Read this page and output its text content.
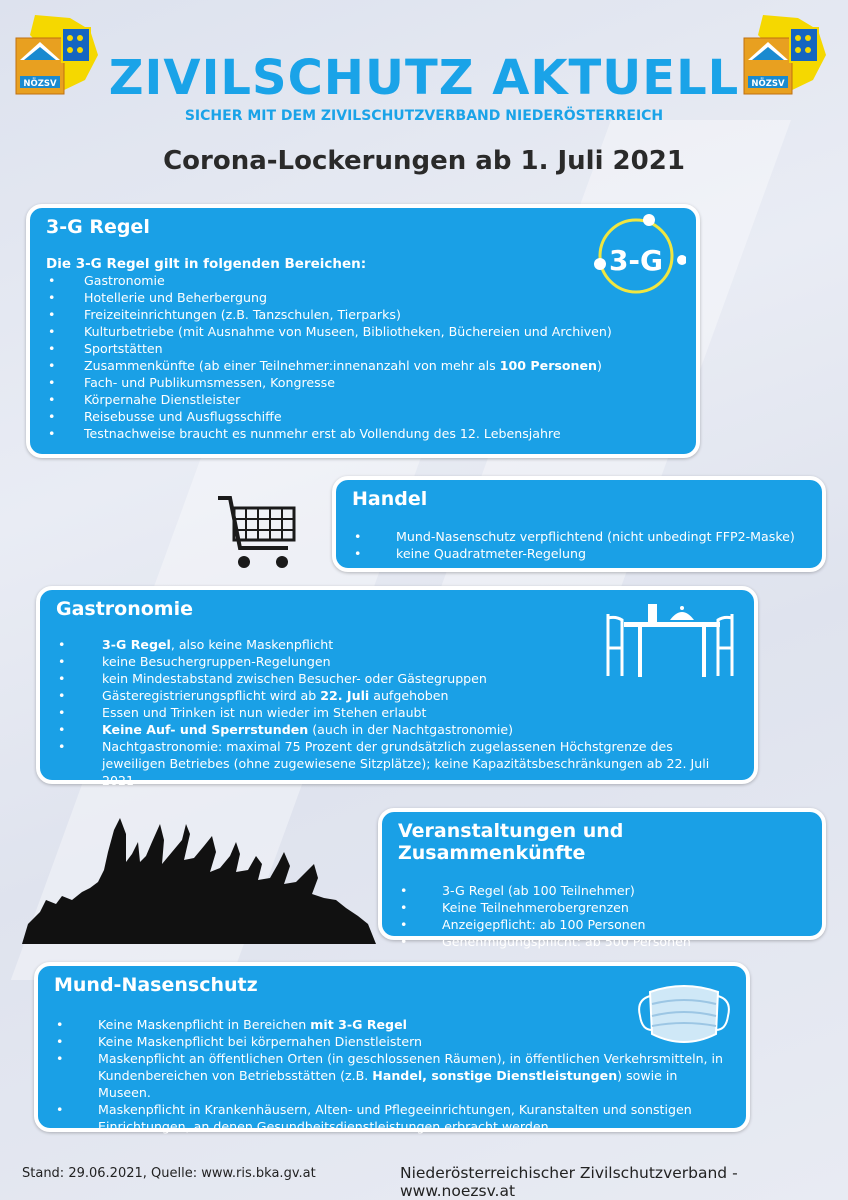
NÖZSV	NÖZSV
ZIVILSCHUTZ AKTUELL
SICHER MIT DEM ZIVILSCHUTZVERBAND NIEDERÖSTERREICH
Corona-Lockerungen ab 1. Juli 2021
3-G Regel
Die 3-G Regel gilt in folgenden Bereichen:
• Gastronomie
• Hotellerie und Beherbergung
• Freizeiteinrichtungen (z.B. Tanzschulen, Tierparks)
• Kulturbetriebe (mit Ausnahme von Museen, Bibliotheken, Büchereien und Archiven)
• Sportstätten
• Zusammenkünfte (ab einer Teilnehmer:innenanzahl von mehr als 100 Personen)
• Fach- und Publikumsmessen, Kongresse
• Körpernahe Dienstleister
• Reisebusse und Ausflugsschiffe
• Testnachweise braucht es nunmehr erst ab Vollendung des 12. Lebensjahre
3-G
Handel
• Mund-Nasenschutz verpflichtend (nicht unbedingt FFP2-Maske)
• keine Quadratmeter-Regelung
Gastronomie
• 3-G Regel, also keine Maskenpflicht
• keine Besuchergruppen-Regelungen
• kein Mindestabstand zwischen Besucher- oder Gästegruppen
• Gästeregistrierungspflicht wird ab 22. Juli aufgehoben
• Essen und Trinken ist nun wieder im Stehen erlaubt
• Keine Auf- und Sperrstunden (auch in der Nachtgastronomie)
• Nachtgastronomie: maximal 75 Prozent der grundsätzlich zugelassenen Höchstgrenze des jeweiligen Betriebes (ohne zugewiesene Sitzplätze); keine Kapazitätsbeschränkungen ab 22. Juli 2021
Veranstaltungen und Zusammenkünfte
• 3-G Regel (ab 100 Teilnehmer)
• Keine Teilnehmerobergrenzen
• Anzeigepflicht: ab 100 Personen
• Genehmigungspflicht: ab 500 Personen
Mund-Nasenschutz
• Keine Maskenpflicht in Bereichen mit 3-G Regel
• Keine Maskenpflicht bei körpernahen Dienstleistern
• Maskenpflicht an öffentlichen Orten (in geschlossenen Räumen), in öffentlichen Verkehrsmitteln, in Kundenbereichen von Betriebsstätten (z.B. Handel, sonstige Dienstleistungen) sowie in Museen.
• Maskenpflicht in Krankenhäusern, Alten- und Pflegeeinrichtungen, Kuranstalten und sonstigen Einrichtungen, an denen Gesundheitsdienstleistungen erbracht werden.
Stand: 29.06.2021, Quelle: www.ris.bka.gv.at	Niederösterreichischer Zivilschutzverband - www.noezsv.at
